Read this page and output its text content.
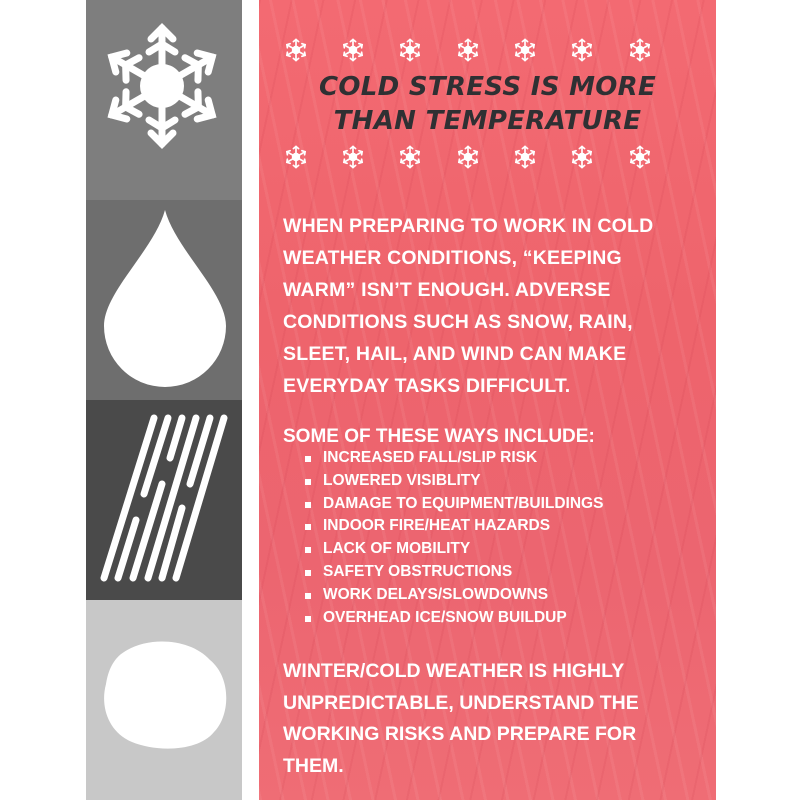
COLD STRESS IS MORE
THAN TEMPERATURE
WHEN PREPARING TO WORK IN COLD
WEATHER CONDITIONS, “KEEPING
WARM” ISN’T ENOUGH. ADVERSE
CONDITIONS SUCH AS SNOW, RAIN,
SLEET, HAIL, AND WIND CAN MAKE
EVERYDAY TASKS DIFFICULT.
SOME OF THESE WAYS INCLUDE:
INCREASED FALL/SLIP RISK
LOWERED VISIBLITY
DAMAGE TO EQUIPMENT/BUILDINGS
INDOOR FIRE/HEAT HAZARDS
LACK OF MOBILITY
SAFETY OBSTRUCTIONS
WORK DELAYS/SLOWDOWNS
OVERHEAD ICE/SNOW BUILDUP
WINTER/COLD WEATHER IS HIGHLY
UNPREDICTABLE, UNDERSTAND THE
WORKING RISKS AND PREPARE FOR
THEM.
